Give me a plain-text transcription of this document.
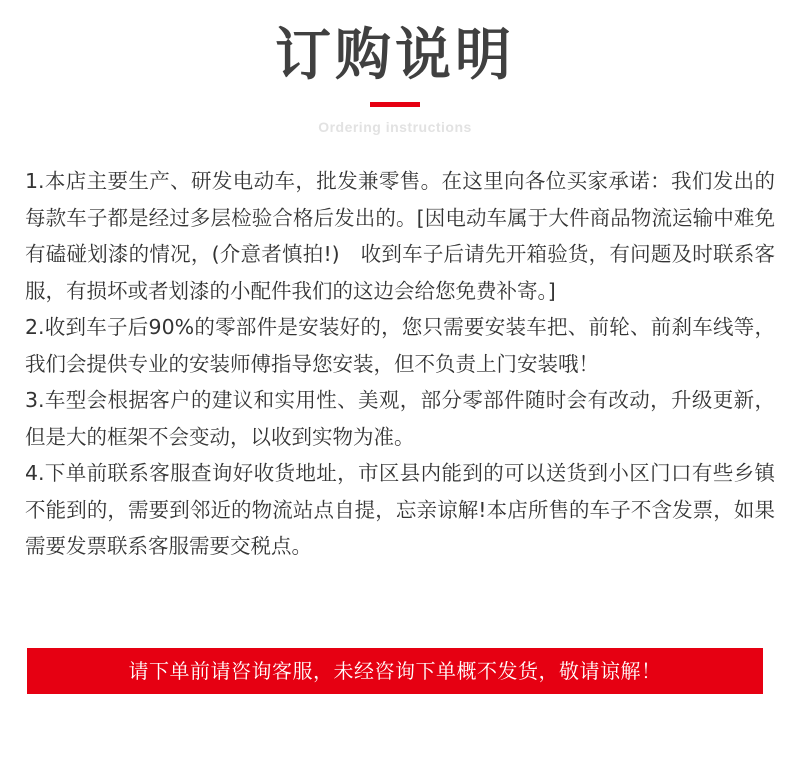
订购说明
Ordering instructions

1.本店主要生产、研发电动车，批发兼零售。在这里向各位买家承诺：我们发出的每款车子都是经过多层检验合格后发出的。[因电动车属于大件商品物流运输中难免有磕碰划漆的情况，(介意者慎拍!)　收到车子后请先开箱验货，有问题及时联系客服，有损坏或者划漆的小配件我们的这边会给您免费补寄。]

2.收到车子后90%的零部件是安装好的，您只需要安装车把、前轮、前刹车线等，我们会提供专业的安装师傅指导您安装，但不负责上门安装哦！

3.车型会根据客户的建议和实用性、美观，部分零部件随时会有改动，升级更新，但是大的框架不会变动，以收到实物为准。

4.下单前联系客服查询好收货地址，市区县内能到的可以送货到小区门口有些乡镇不能到的，需要到邻近的物流站点自提，忘亲谅解!本店所售的车子不含发票，如果需要发票联系客服需要交税点。

请下单前请咨询客服，未经咨询下单概不发货，敬请谅解！
